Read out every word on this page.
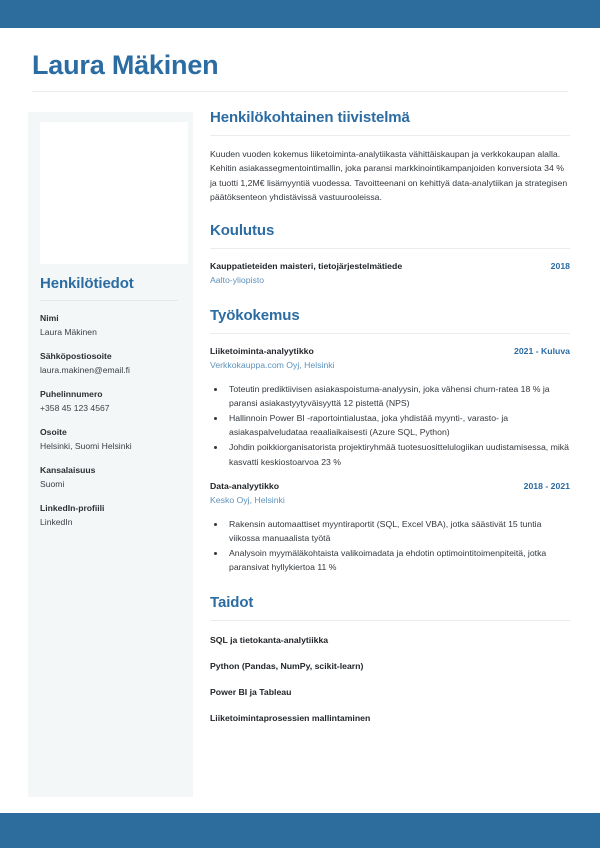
Laura Mäkinen
Henkilötiedot
Nimi
Laura Mäkinen
Sähköpostiosoite
laura.makinen@email.fi
Puhelinnumero
+358 45 123 4567
Osoite
Helsinki, Suomi Helsinki
Kansalaisuus
Suomi
LinkedIn-profiili
LinkedIn
Henkilökohtainen tiivistelmä
Kuuden vuoden kokemus liiketoiminta-analytiikasta vähittäiskaupan ja verkkokaupan alalla. Kehitin asiakassegmentointimallin, joka paransi markkinointikampanjoiden konversiota 34 % ja tuotti 1,2M€ lisämyyntiä vuodessa. Tavoitteenani on kehittyä data-analytiikan ja strategisen päätöksenteon yhdistävissä vastuurooleissa.
Koulutus
Kauppatieteiden maisteri, tietojärjestelmätiede	2018
Aalto-yliopisto
Työkokemus
Liiketoiminta-analyytikko	2021 - Kuluva
Verkkokauppa.com Oyj, Helsinki
• Toteutin prediktiivisen asiakaspoistuma-analyysin, joka vähensi churn-ratea 18 % ja paransi asiakastyytyväisyyttä 12 pistettä (NPS)
• Hallinnoin Power BI -raportointialustaa, joka yhdistää myynti-, varasto- ja asiakaspalveludataa reaaliaikaisesti (Azure SQL, Python)
• Johdin poikkiorganisatorista projektiryhmää tuotesuosittelulogiikan uudistamisessa, mikä kasvatti keskiostoarvoa 23 %
Data-analyytikko	2018 - 2021
Kesko Oyj, Helsinki
• Rakensin automaattiset myyntiraportit (SQL, Excel VBA), jotka säästivät 15 tuntia viikossa manuaalista työtä
• Analysoin myymäläkohtaista valikoimadata ja ehdotin optimointitoimenpiteitä, jotka paransivat hyllykiertoa 11 %
Taidot
SQL ja tietokanta-analytiikka
Python (Pandas, NumPy, scikit-learn)
Power BI ja Tableau
Liiketoimintaprosessien mallintaminen
